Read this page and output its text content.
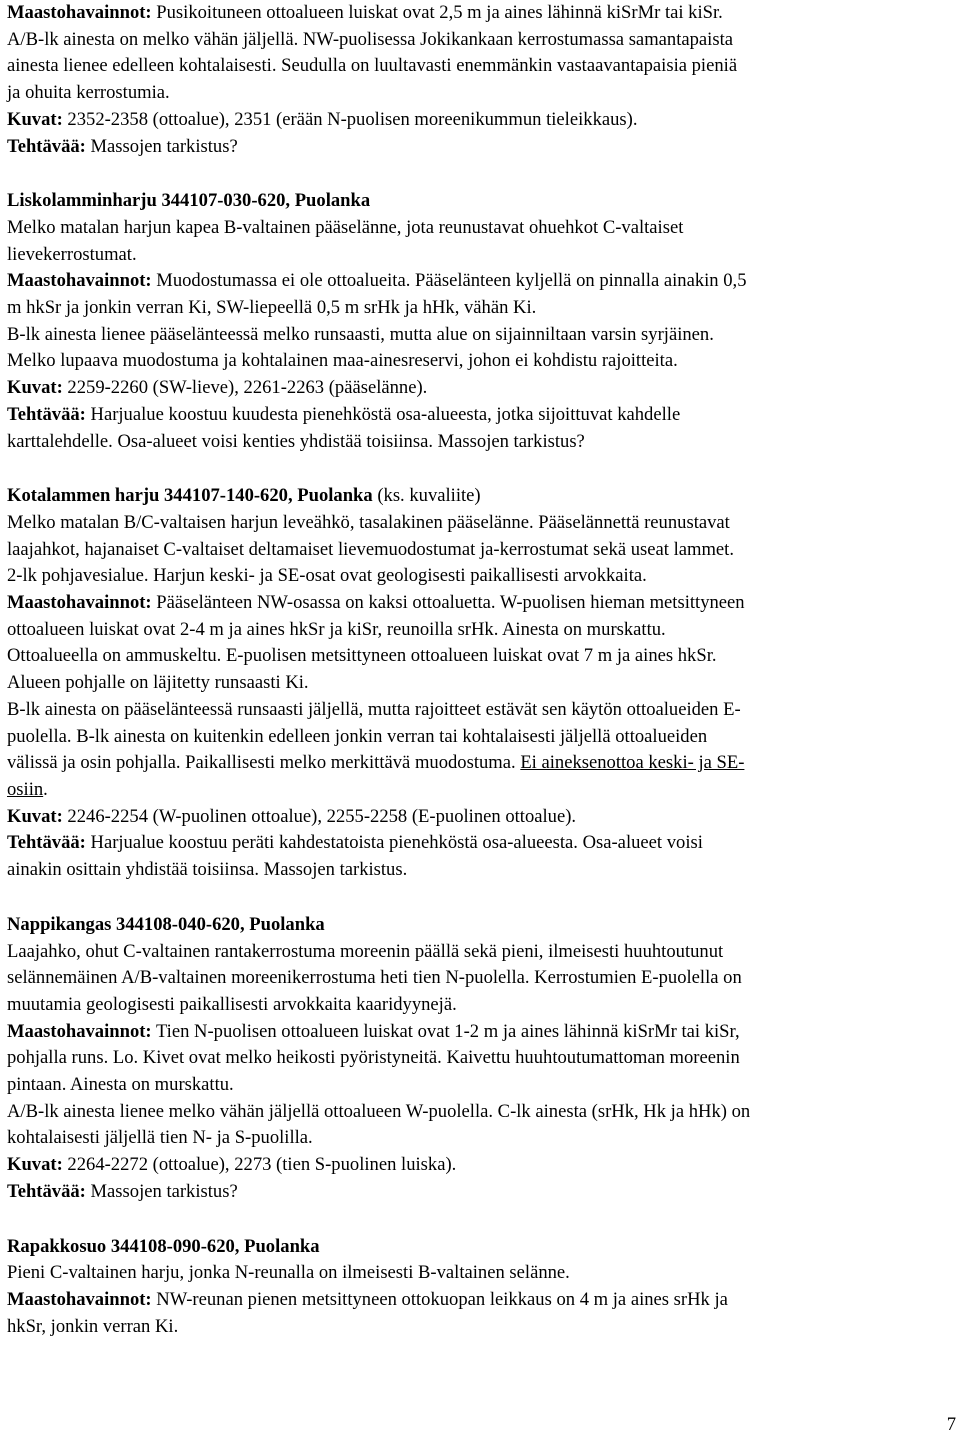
Maastohavainnot: Pusikoituneen ottoalueen luiskat ovat 2,5 m ja aines lähinnä kiSrMr tai kiSr.
A/B-lk ainesta on melko vähän jäljellä. NW-puolisessa Jokikankaan kerrostumassa samantapaista
ainesta lienee edelleen kohtalaisesti. Seudulla on luultavasti enemmänkin vastaavantapaisia pieniä
ja ohuita kerrostumia.
Kuvat: 2352-2358 (ottoalue), 2351 (erään N-puolisen moreenikummun tieleikkaus).
Tehtävää: Massojen tarkistus?
Liskolamminharju 344107-030-620, Puolanka
Melko matalan harjun kapea B-valtainen pääselänne, jota reunustavat ohuehkot C-valtaiset
lievekerrostumat.
Maastohavainnot: Muodostumassa ei ole ottoalueita. Pääselänteen kyljellä on pinnalla ainakin 0,5
m hkSr ja jonkin verran Ki, SW-liepeellä 0,5 m srHk ja hHk, vähän Ki.
B-lk ainesta lienee pääselänteessä melko runsaasti, mutta alue on sijainniltaan varsin syrjäinen.
Melko lupaava muodostuma ja kohtalainen maa-ainesreservi, johon ei kohdistu rajoitteita.
Kuvat: 2259-2260 (SW-lieve), 2261-2263 (pääselänne).
Tehtävää: Harjualue koostuu kuudesta pienehköstä osa-alueesta, jotka sijoittuvat kahdelle
karttalehdelle. Osa-alueet voisi kenties yhdistää toisiinsa. Massojen tarkistus?
Kotalammen harju 344107-140-620, Puolanka (ks. kuvaliite)
Melko matalan B/C-valtaisen harjun leveähkö, tasalakinen pääselänne. Pääselännettä reunustavat
laajahkot, hajanaiset C-valtaiset deltamaiset lievemuodostumat ja-kerrostumat sekä useat lammet.
2-lk pohjavesialue. Harjun keski- ja SE-osat ovat geologisesti paikallisesti arvokkaita.
Maastohavainnot: Pääselänteen NW-osassa on kaksi ottoaluetta. W-puolisen hieman metsittyneen
ottoalueen luiskat ovat 2-4 m ja aines hkSr ja kiSr, reunoilla srHk. Ainesta on murskattu.
Ottoalueella on ammuskeltu. E-puolisen metsittyneen ottoalueen luiskat ovat 7 m ja aines hkSr.
Alueen pohjalle on läjitetty runsaasti Ki.
B-lk ainesta on pääselänteessä runsaasti jäljellä, mutta rajoitteet estävät sen käytön ottoalueiden E-
puolella. B-lk ainesta on kuitenkin edelleen jonkin verran tai kohtalaisesti jäljellä ottoalueiden
välissä ja osin pohjalla. Paikallisesti melko merkittävä muodostuma. Ei aineksenottoa keski- ja SE-
osiin.
Kuvat: 2246-2254 (W-puolinen ottoalue), 2255-2258 (E-puolinen ottoalue).
Tehtävää: Harjualue koostuu peräti kahdestatoista pienehköstä osa-alueesta. Osa-alueet voisi
ainakin osittain yhdistää toisiinsa. Massojen tarkistus.
Nappikangas 344108-040-620, Puolanka
Laajahko, ohut C-valtainen rantakerrostuma moreenin päällä sekä pieni, ilmeisesti huuhtoutunut
selännemäinen A/B-valtainen moreenikerrostuma heti tien N-puolella. Kerrostumien E-puolella on
muutamia geologisesti paikallisesti arvokkaita kaaridyynejä.
Maastohavainnot: Tien N-puolisen ottoalueen luiskat ovat 1-2 m ja aines lähinnä kiSrMr tai kiSr,
pohjalla runs. Lo. Kivet ovat melko heikosti pyöristyneitä. Kaivettu huuhtoutumattoman moreenin
pintaan. Ainesta on murskattu.
A/B-lk ainesta lienee melko vähän jäljellä ottoalueen W-puolella. C-lk ainesta (srHk, Hk ja hHk) on
kohtalaisesti jäljellä tien N- ja S-puolilla.
Kuvat: 2264-2272 (ottoalue), 2273 (tien S-puolinen luiska).
Tehtävää: Massojen tarkistus?
Rapakkosuo 344108-090-620, Puolanka
Pieni C-valtainen harju, jonka N-reunalla on ilmeisesti B-valtainen selänne.
Maastohavainnot: NW-reunan pienen metsittyneen ottokuopan leikkaus on 4 m ja aines srHk ja
hkSr, jonkin verran Ki.
7
